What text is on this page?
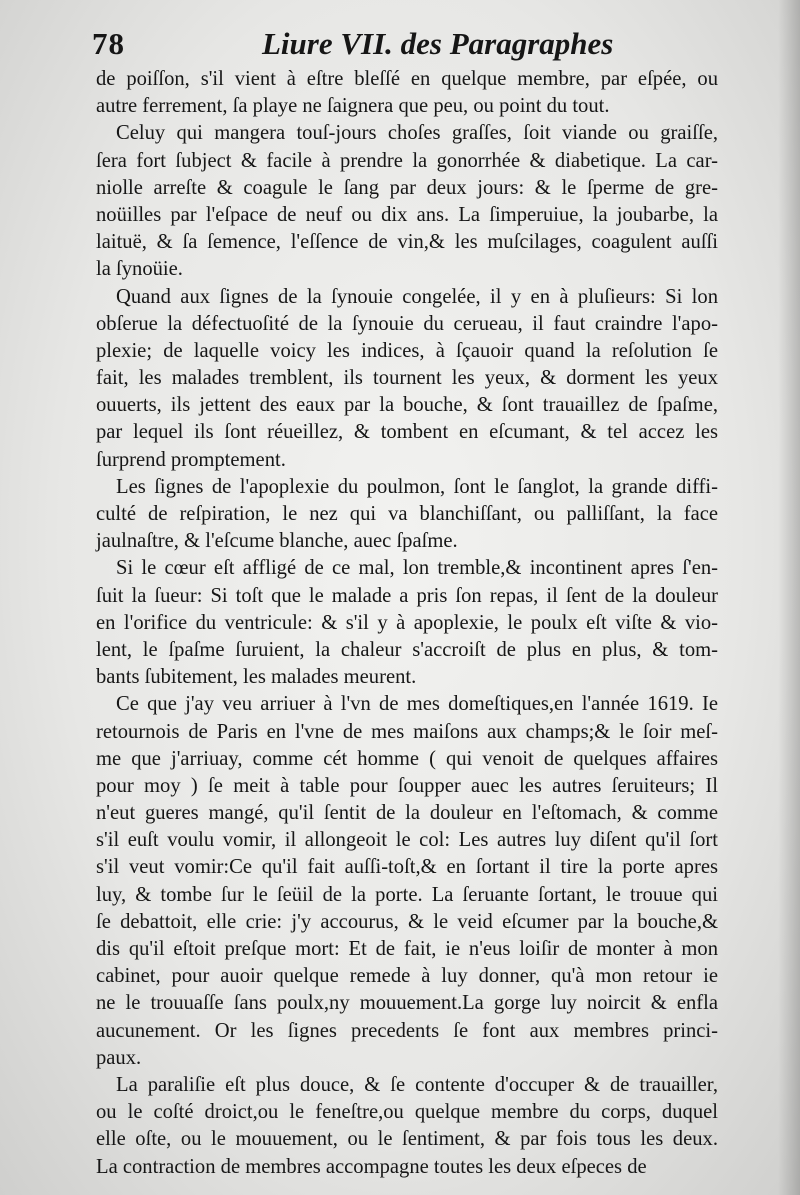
78	Liure VII. des Paragraphes
de poiſſon, s'il vient à eſtre bleſſé en quelque membre, par eſpée, ou
autre ferrement, ſa playe ne ſaignera que peu, ou point du tout.
Celuy qui mangera touſ-jours choſes graſſes, ſoit viande ou graiſſe,
ſera fort ſubject & facile à prendre la gonorrhée & diabetique. La car-
niolle arreſte & coagule le ſang par deux jours: & le ſperme de gre-
noüilles par l'eſpace de neuf ou dix ans. La ſimperuiue, la joubarbe, la
laituë, & ſa ſemence, l'eſſence de vin,& les muſcilages, coagulent auſſi
la ſynoüie.
Quand aux ſignes de la ſynouie congelée, il y en à pluſieurs: Si lon
obſerue la défectuoſité de la ſynouie du cerueau, il faut craindre l'apo-
plexie; de laquelle voicy les indices, à ſçauoir quand la reſolution ſe
fait, les malades tremblent, ils tournent les yeux, & dorment les yeux
ouuerts, ils jettent des eaux par la bouche, & ſont trauaillez de ſpaſme,
par lequel ils ſont réueillez, & tombent en eſcumant, & tel accez les
ſurprend promptement.
Les ſignes de l'apoplexie du poulmon, ſont le ſanglot, la grande diffi-
culté de reſpiration, le nez qui va blanchiſſant, ou palliſſant, la face
jaulnaſtre, & l'eſcume blanche, auec ſpaſme.
Si le cœur eſt affligé de ce mal, lon tremble,& incontinent apres ſ'en-
ſuit la ſueur: Si toſt que le malade a pris ſon repas, il ſent de la douleur
en l'orifice du ventricule: & s'il y à apoplexie, le poulx eſt viſte & vio-
lent, le ſpaſme ſuruient, la chaleur s'accroiſt de plus en plus, & tom-
bants ſubitement, les malades meurent.
Ce que j'ay veu arriuer à l'vn de mes domeſtiques,en l'année 1619. Ie
retournois de Paris en l'vne de mes maiſons aux champs;& le ſoir meſ-
me que j'arriuay, comme cét homme ( qui venoit de quelques affaires
pour moy ) ſe meit à table pour ſoupper auec les autres ſeruiteurs; Il
n'eut gueres mangé, qu'il ſentit de la douleur en l'eſtomach, & comme
s'il euſt voulu vomir, il allongeoit le col: Les autres luy diſent qu'il ſort
s'il veut vomir:Ce qu'il fait auſſi-toſt,& en ſortant il tire la porte apres
luy, & tombe ſur le ſeüil de la porte. La ſeruante ſortant, le trouue qui
ſe debattoit, elle crie: j'y accourus, & le veid eſcumer par la bouche,&
dis qu'il eſtoit preſque mort: Et de fait, ie n'eus loiſir de monter à mon
cabinet, pour auoir quelque remede à luy donner, qu'à mon retour ie
ne le trouuaſſe ſans poulx,ny mouuement.La gorge luy noircit & enfla
aucunement. Or les ſignes precedents ſe font aux membres princi-
paux.
La paraliſie eſt plus douce, & ſe contente d'occuper & de trauailler,
ou le coſté droict,ou le feneſtre,ou quelque membre du corps, duquel
elle oſte, ou le mouuement, ou le ſentiment, & par fois tous les deux.
La contraction de membres accompagne toutes les deux eſpeces de
